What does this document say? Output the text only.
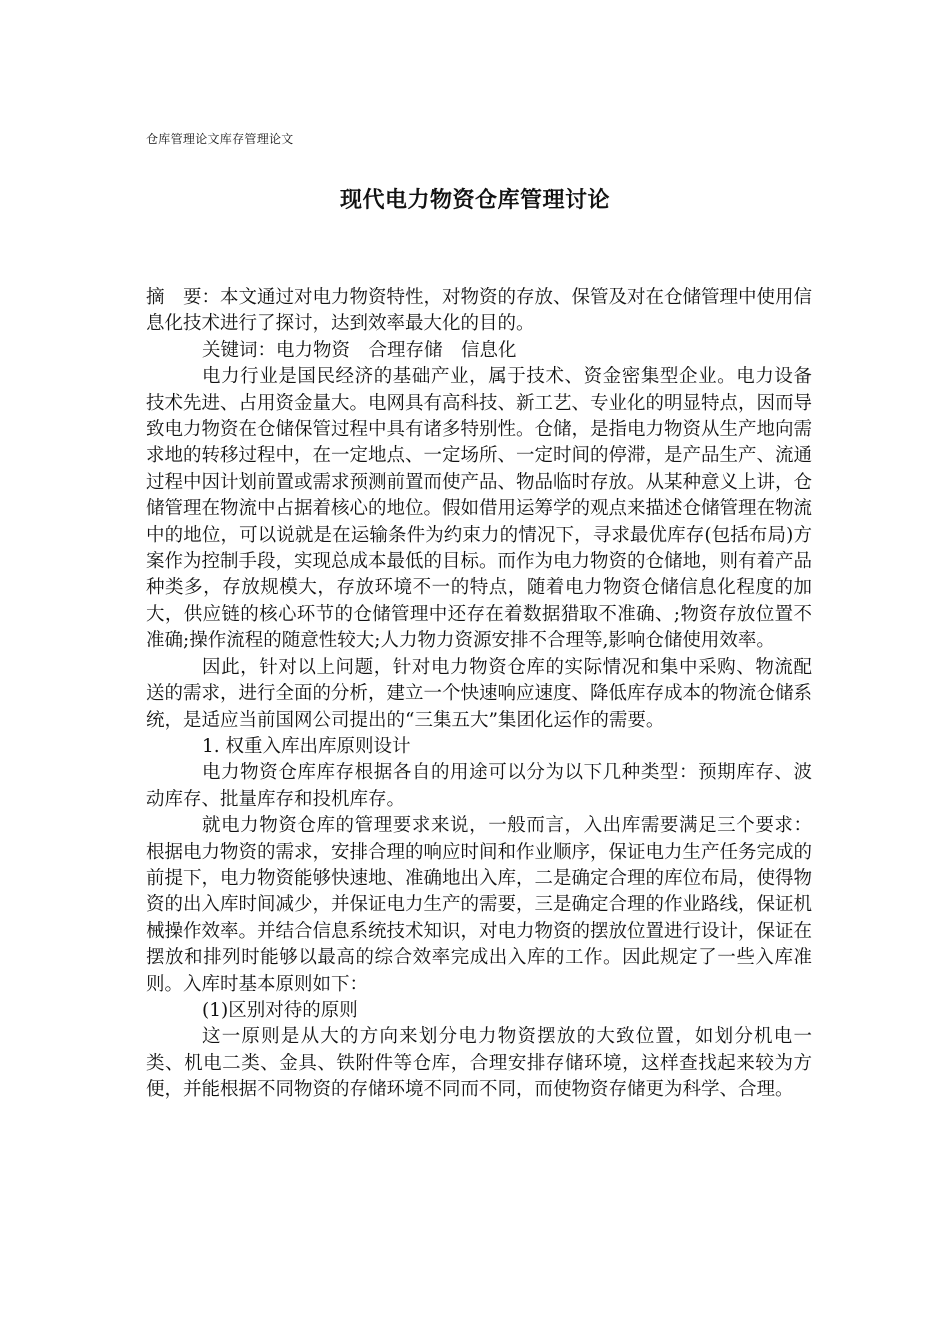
仓库管理论文库存管理论文
现代电力物资仓库管理讨论

摘　要：本文通过对电力物资特性，对物资的存放、保管及对在仓储管理中使用信息化技术进行了探讨，达到效率最大化的目的。

关键词：电力物资　合理存储　信息化

电力行业是国民经济的基础产业，属于技术、资金密集型企业。电力设备技术先进、占用资金量大。电网具有高科技、新工艺、专业化的明显特点，因而导致电力物资在仓储保管过程中具有诸多特别性。仓储，是指电力物资从生产地向需求地的转移过程中，在一定地点、一定场所、一定时间的停滞，是产品生产、流通过程中因计划前置或需求预测前置而使产品、物品临时存放。从某种意义上讲，仓储管理在物流中占据着核心的地位。假如借用运筹学的观点来描述仓储管理在物流中的地位，可以说就是在运输条件为约束力的情况下，寻求最优库存(包括布局)方案作为控制手段，实现总成本最低的目标。而作为电力物资的仓储地，则有着产品种类多，存放规模大，存放环境不一的特点，随着电力物资仓储信息化程度的加大，供应链的核心环节的仓储管理中还存在着数据猎取不准确、;物资存放位置不准确;操作流程的随意性较大;人力物力资源安排不合理等,影响仓储使用效率。

因此，针对以上问题，针对电力物资仓库的实际情况和集中采购、物流配送的需求，进行全面的分析，建立一个快速响应速度、降低库存成本的物流仓储系统，是适应当前国网公司提出的“三集五大”集团化运作的需要。

1. 权重入库出库原则设计

电力物资仓库库存根据各自的用途可以分为以下几种类型：预期库存、波动库存、批量库存和投机库存。

就电力物资仓库的管理要求来说，一般而言，入出库需要满足三个要求：根据电力物资的需求，安排合理的响应时间和作业顺序，保证电力生产任务完成的前提下，电力物资能够快速地、准确地出入库，二是确定合理的库位布局，使得物资的出入库时间减少，并保证电力生产的需要，三是确定合理的作业路线，保证机械操作效率。并结合信息系统技术知识，对电力物资的摆放位置进行设计，保证在摆放和排列时能够以最高的综合效率完成出入库的工作。因此规定了一些入库准则。入库时基本原则如下：

(1)区别对待的原则

这一原则是从大的方向来划分电力物资摆放的大致位置，如划分机电一类、机电二类、金具、铁附件等仓库，合理安排存储环境，这样查找起来较为方便，并能根据不同物资的存储环境不同而不同，而使物资存储更为科学、合理。
